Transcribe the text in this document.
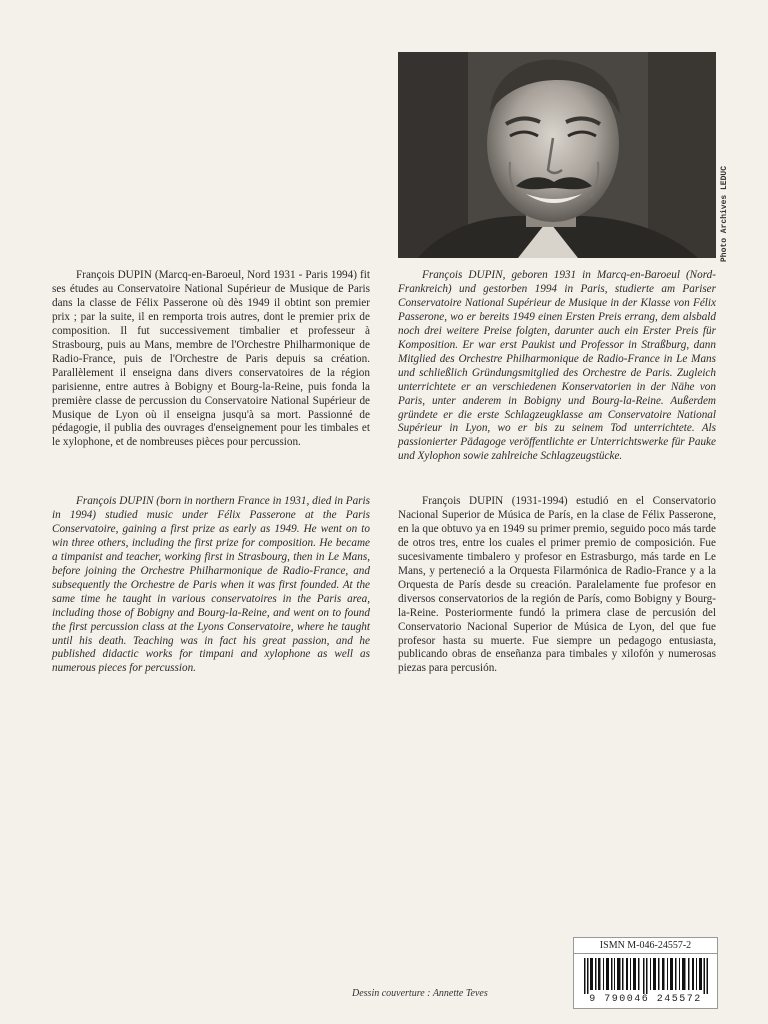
Photo Archives LEDUC

François DUPIN (Marcq-en-Baroeul, Nord 1931 - Paris 1994) fit ses études au Conservatoire National Supérieur de Musique de Paris dans la classe de Félix Passerone où dès 1949 il obtint son premier prix ; par la suite, il en remporta trois autres, dont le premier prix de composition. Il fut successivement timbalier et professeur à Strasbourg, puis au Mans, membre de l'Orchestre Philharmonique de Radio-France, puis de l'Orchestre de Paris depuis sa création. Parallèlement il enseigna dans divers conservatoires de la région parisienne, entre autres à Bobigny et Bourg-la-Reine, puis fonda la première classe de percussion du Conservatoire National Supérieur de Musique de Lyon où il enseigna jusqu'à sa mort. Passionné de pédagogie, il publia des ouvrages d'enseignement pour les timbales et le xylophone, et de nombreuses pièces pour percussion.

François DUPIN, geboren 1931 in Marcq-en-Baroeul (Nord-Frankreich) und gestorben 1994 in Paris, studierte am Pariser Conservatoire National Supérieur de Musique in der Klasse von Félix Passerone, wo er bereits 1949 einen Ersten Preis errang, dem alsbald noch drei weitere Preise folgten, darunter auch ein Erster Preis für Komposition. Er war erst Paukist und Professor in Straßburg, dann Mitglied des Orchestre Philharmonique de Radio-France in Le Mans und schließlich Gründungsmitglied des Orchestre de Paris. Zugleich unterrichtete er an verschiedenen Konservatorien in der Nähe von Paris, unter anderem in Bobigny und Bourg-la-Reine. Außerdem gründete er die erste Schlagzeugklasse am Conservatoire National Supérieur in Lyon, wo er bis zu seinem Tod unterrichtete. Als passionierter Pädagoge veröffentlichte er Unterrichtswerke für Pauke und Xylophon sowie zahlreiche Schlagzeugstücke.

François DUPIN (born in northern France in 1931, died in Paris in 1994) studied music under Félix Passerone at the Paris Conservatoire, gaining a first prize as early as 1949. He went on to win three others, including the first prize for composition. He became a timpanist and teacher, working first in Strasbourg, then in Le Mans, before joining the Orchestre Philharmonique de Radio-France, and subsequently the Orchestre de Paris when it was first founded. At the same time he taught in various conservatoires in the Paris area, including those of Bobigny and Bourg-la-Reine, and went on to found the first percussion class at the Lyons Conservatoire, where he taught until his death. Teaching was in fact his great passion, and he published didactic works for timpani and xylophone as well as numerous pieces for percussion.

François DUPIN (1931-1994) estudió en el Conservatorio Nacional Superior de Música de París, en la clase de Félix Passerone, en la que obtuvo ya en 1949 su primer premio, seguido poco más tarde de otros tres, entre los cuales el primer premio de composición. Fue sucesivamente timbalero y profesor en Estrasburgo, más tarde en Le Mans, y perteneció a la Orquesta Filarmónica de Radio-France y a la Orquesta de París desde su creación. Paralelamente fue profesor en diversos conservatorios de la región de París, como Bobigny y Bourg-la-Reine. Posteriormente fundó la primera clase de percusión del Conservatorio Nacional Superior de Música de Lyon, del que fue profesor hasta su muerte. Fue siempre un pedagogo entusiasta, publicando obras de enseñanza para timbales y xilofón y numerosas piezas para percusión.

ISMN M-046-24557-2
9 790046 245572
Dessin couverture : Annette Teves
